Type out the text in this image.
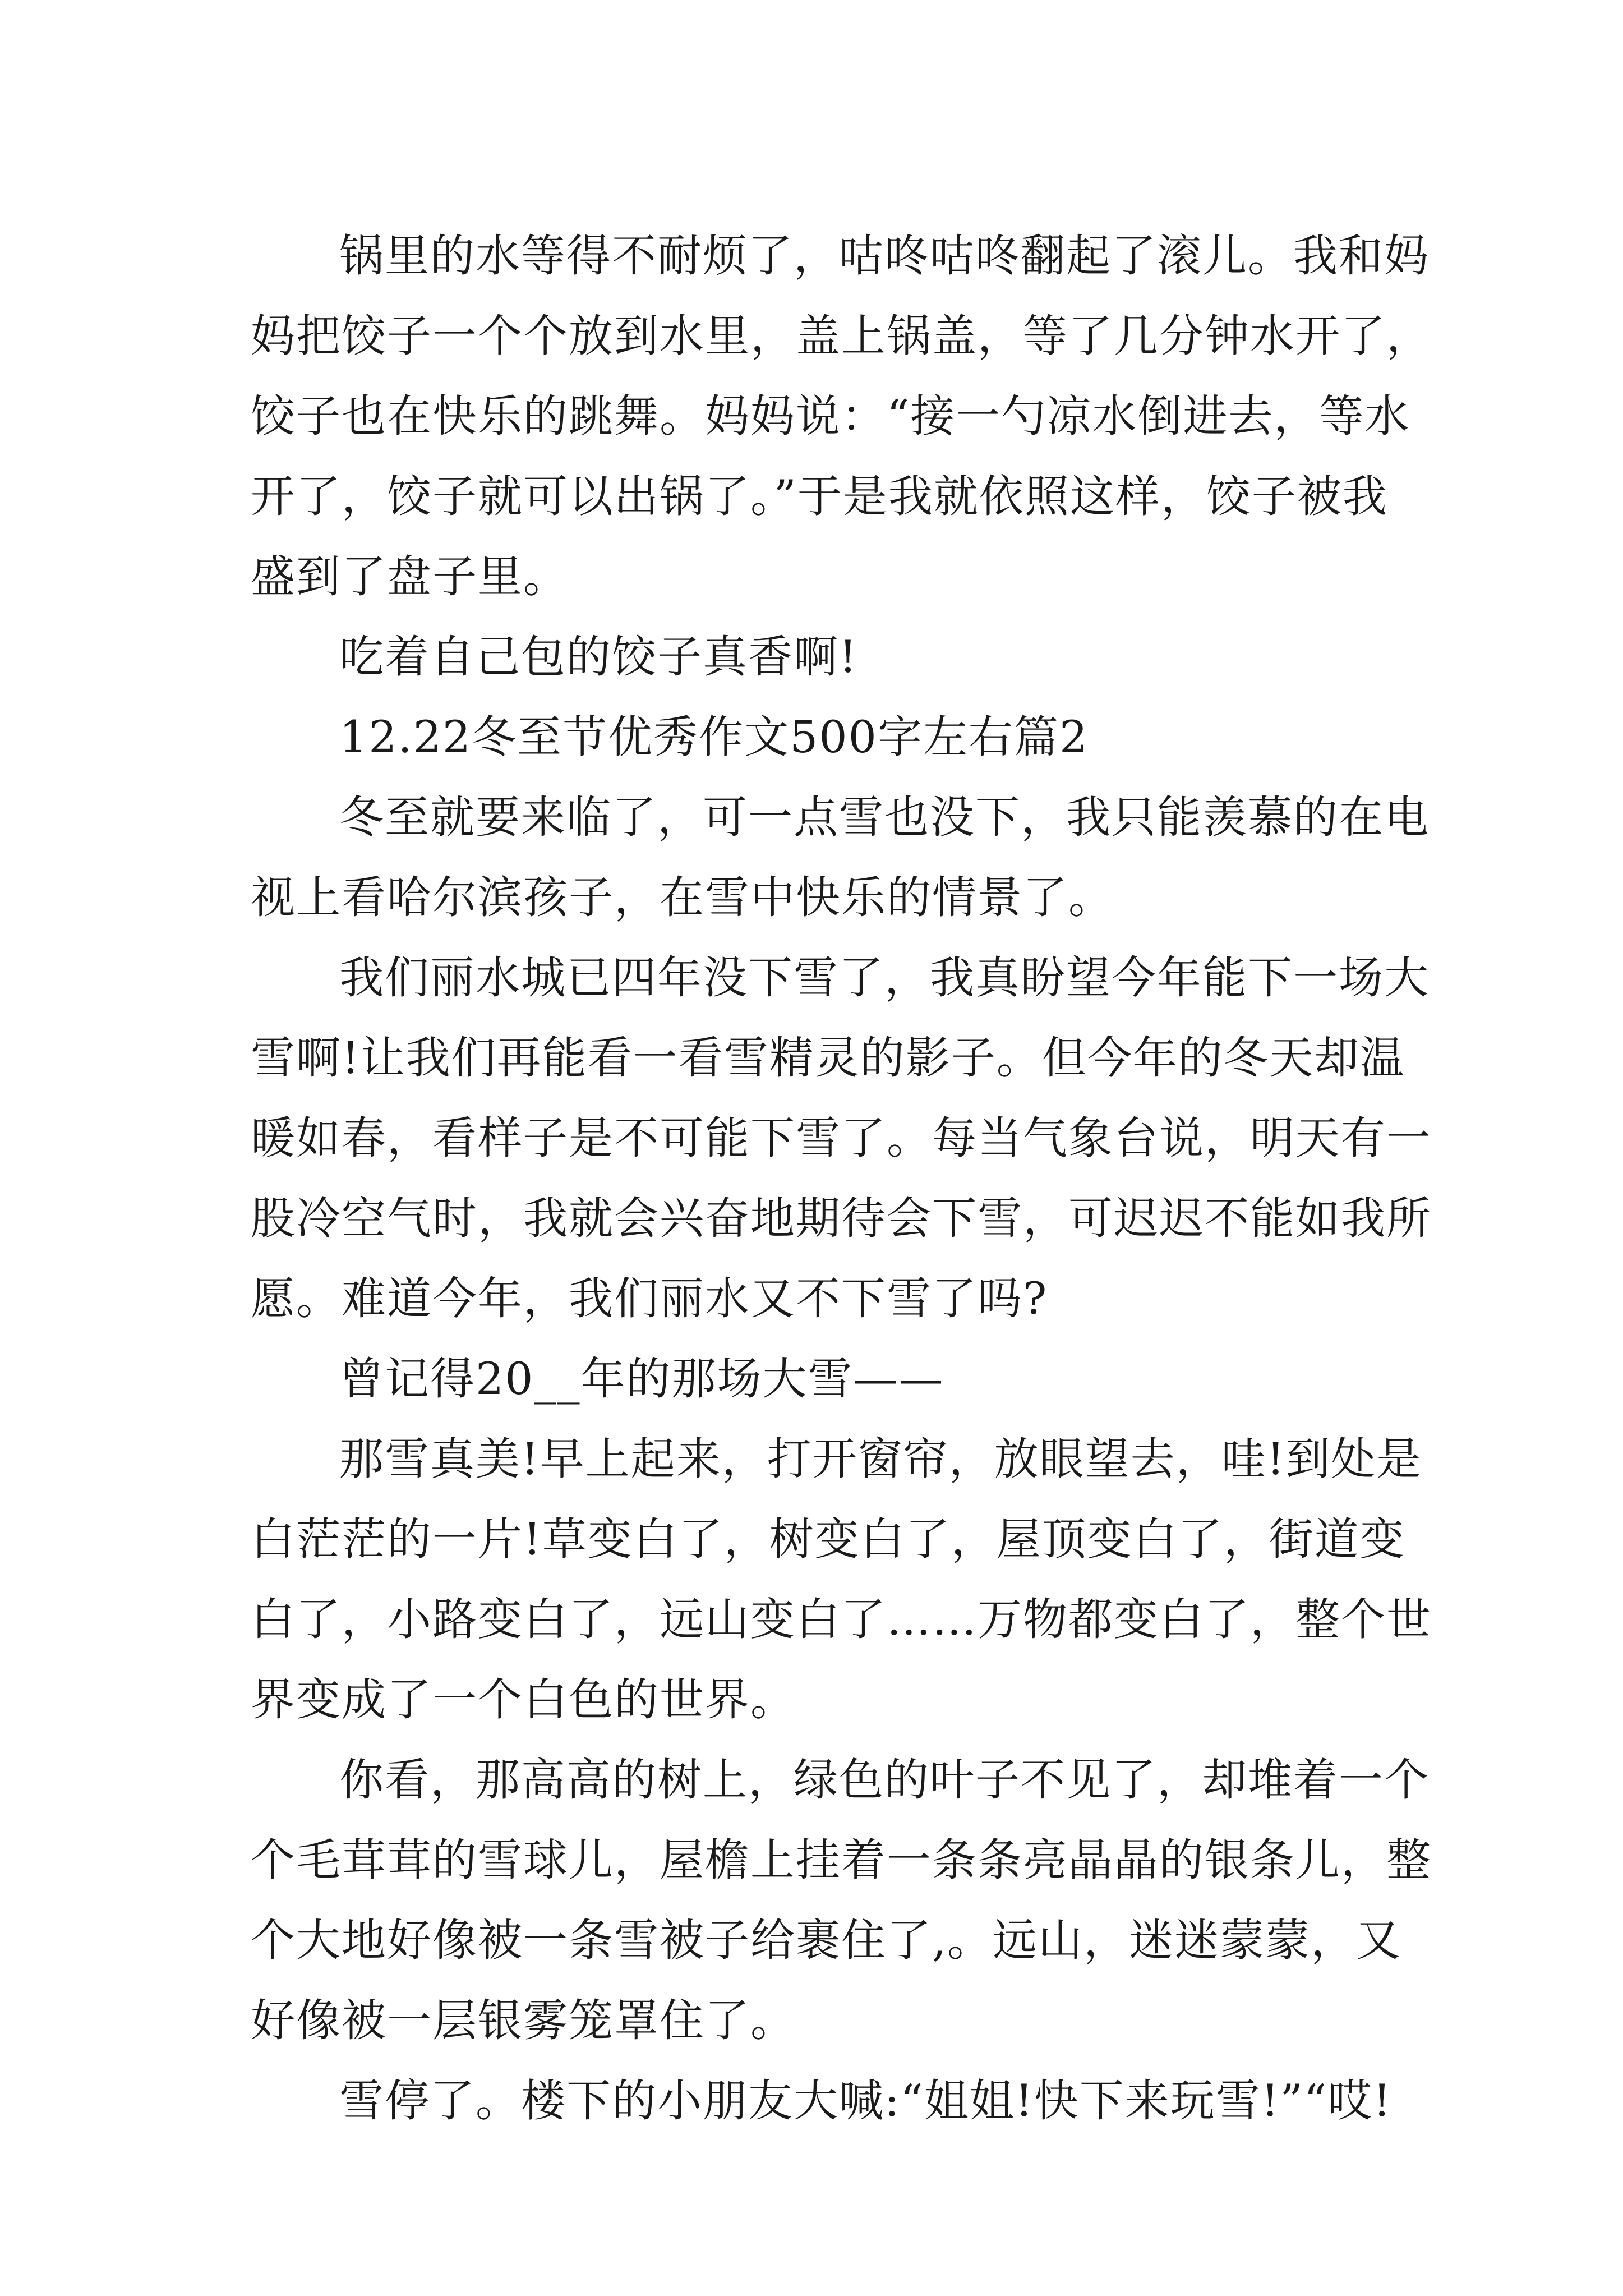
锅里的水等得不耐烦了，咕咚咕咚翻起了滚儿。我和妈
妈把饺子一个个放到水里，盖上锅盖，等了几分钟水开了，
饺子也在快乐的跳舞。妈妈说：“接一勺凉水倒进去，等水
开了，饺子就可以出锅了。”于是我就依照这样，饺子被我
盛到了盘子里。

吃着自己包的饺子真香啊!

12.22冬至节优秀作文500字左右篇2

冬至就要来临了，可一点雪也没下，我只能羡慕的在电
视上看哈尔滨孩子，在雪中快乐的情景了。

我们丽水城已四年没下雪了，我真盼望今年能下一场大
雪啊!让我们再能看一看雪精灵的影子。但今年的冬天却温
暖如春，看样子是不可能下雪了。每当气象台说，明天有一
股冷空气时，我就会兴奋地期待会下雪，可迟迟不能如我所
愿。难道今年，我们丽水又不下雪了吗?

曾记得20__年的那场大雪——

那雪真美!早上起来，打开窗帘，放眼望去，哇!到处是
白茫茫的一片!草变白了，树变白了，屋顶变白了，街道变
白了，小路变白了，远山变白了……万物都变白了，整个世
界变成了一个白色的世界。

你看，那高高的树上，绿色的叶子不见了，却堆着一个
个毛茸茸的雪球儿，屋檐上挂着一条条亮晶晶的银条儿，整
个大地好像被一条雪被子给裹住了,。远山，迷迷蒙蒙，又
好像被一层银雾笼罩住了。

雪停了。楼下的小朋友大喊:“姐姐!快下来玩雪!”“哎!
